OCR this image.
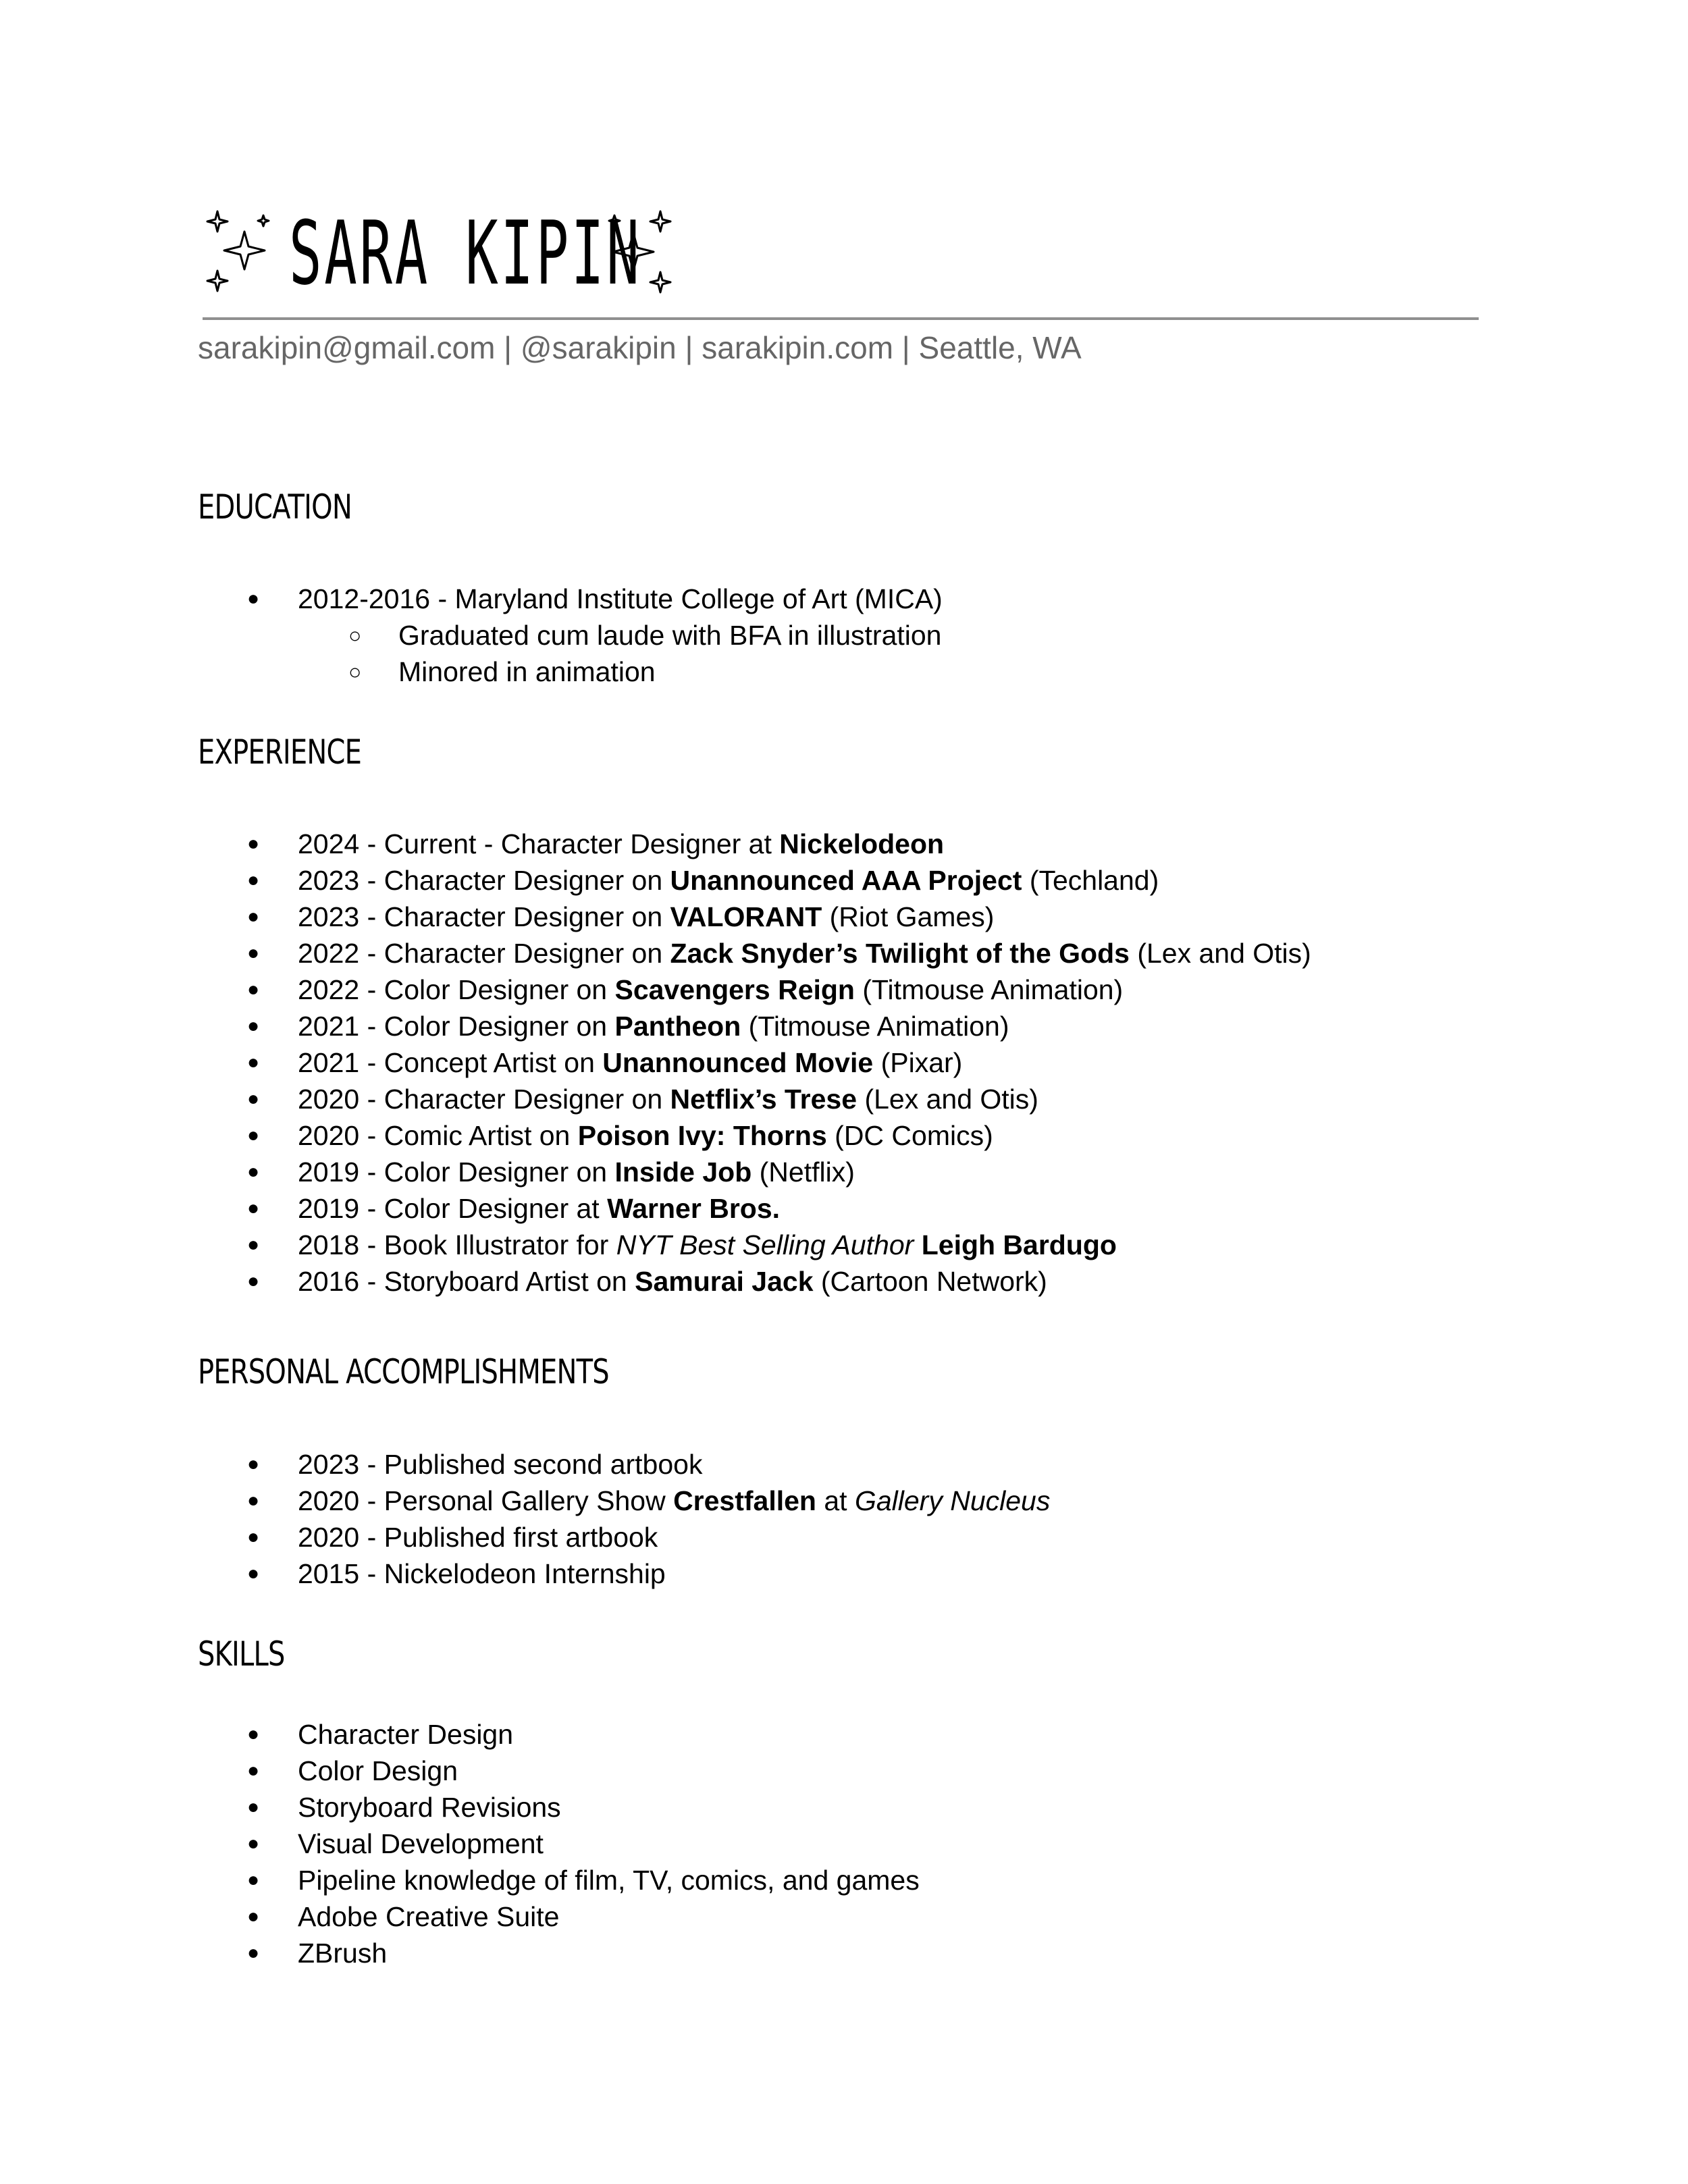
SARA KIPIN
sarakipin@gmail.com | @sarakipin | sarakipin.com | Seattle, WA
EDUCATION
● 2012-2016 - Maryland Institute College of Art (MICA)
○ Graduated cum laude with BFA in illustration
○ Minored in animation
EXPERIENCE
● 2024 - Current - Character Designer at Nickelodeon
● 2023 - Character Designer on Unannounced AAA Project (Techland)
● 2023 - Character Designer on VALORANT (Riot Games)
● 2022 - Character Designer on Zack Snyder’s Twilight of the Gods (Lex and Otis)
● 2022 - Color Designer on Scavengers Reign (Titmouse Animation)
● 2021 - Color Designer on Pantheon (Titmouse Animation)
● 2021 - Concept Artist on Unannounced Movie (Pixar)
● 2020 - Character Designer on Netflix’s Trese (Lex and Otis)
● 2020 - Comic Artist on Poison Ivy: Thorns (DC Comics)
● 2019 - Color Designer on Inside Job (Netflix)
● 2019 - Color Designer at Warner Bros.
● 2018 - Book Illustrator for NYT Best Selling Author Leigh Bardugo
● 2016 - Storyboard Artist on Samurai Jack (Cartoon Network)
PERSONAL ACCOMPLISHMENTS
● 2023 - Published second artbook
● 2020 - Personal Gallery Show Crestfallen at Gallery Nucleus
● 2020 - Published first artbook
● 2015 - Nickelodeon Internship
SKILLS
● Character Design
● Color Design
● Storyboard Revisions
● Visual Development
● Pipeline knowledge of film, TV, comics, and games
● Adobe Creative Suite
● ZBrush
